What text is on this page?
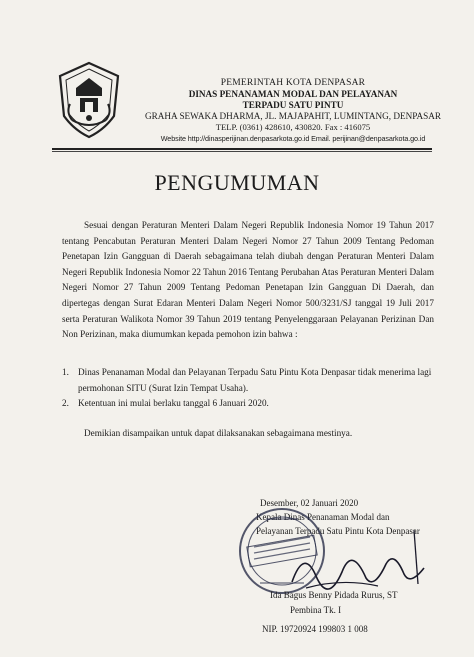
PEMERINTAH KOTA DENPASAR
DINAS PENANAMAN MODAL DAN PELAYANAN
TERPADU SATU PINTU
GRAHA SEWAKA DHARMA, JL. MAJAPAHIT, LUMINTANG, DENPASAR
TELP. (0361) 428610, 430820. Fax : 416075
Website http://dinasperijinan.denpasarkota.go.id Email. perijinan@denpasarkota.go.id
PENGUMUMAN

Sesuai dengan Peraturan Menteri Dalam Negeri Republik Indonesia Nomor 19 Tahun 2017 tentang Pencabutan Peraturan Menteri Dalam Negeri Nomor 27 Tahun 2009 Tentang Pedoman Penetapan Izin Gangguan di Daerah sebagaimana telah diubah dengan Peraturan Menteri Dalam Negeri Republik Indonesia Nomor 22 Tahun 2016 Tentang Perubahan Atas Peraturan Menteri Dalam Negeri Nomor 27 Tahun 2009 Tentang Pedoman Penetapan Izin Gangguan Di Daerah, dan dipertegas dengan Surat Edaran Menteri Dalam Negeri Nomor 500/3231/SJ tanggal 19 Juli 2017 serta Peraturan Walikota Nomor 39 Tahun 2019 tentang Penyelenggaraan Pelayanan Perizinan Dan Non Perizinan, maka diumumkan kepada pemohon izin bahwa :

1. Dinas Penanaman Modal dan Pelayanan Terpadu Satu Pintu Kota Denpasar tidak menerima lagi permohonan SITU (Surat Izin Tempat Usaha).
2. Ketentuan ini mulai berlaku tanggal 6 Januari 2020.
Demikian disampaikan untuk dapat dilaksanakan sebagaimana mestinya.
Desember, 02 Januari 2020
Kepala Dinas Penanaman Modal dan
Pelayanan Terpadu Satu Pintu Kota Denpasar
Ida Bagus Benny Pidada Rurus, ST
Pembina Tk. I
NIP. 19720924 199803 1 008
